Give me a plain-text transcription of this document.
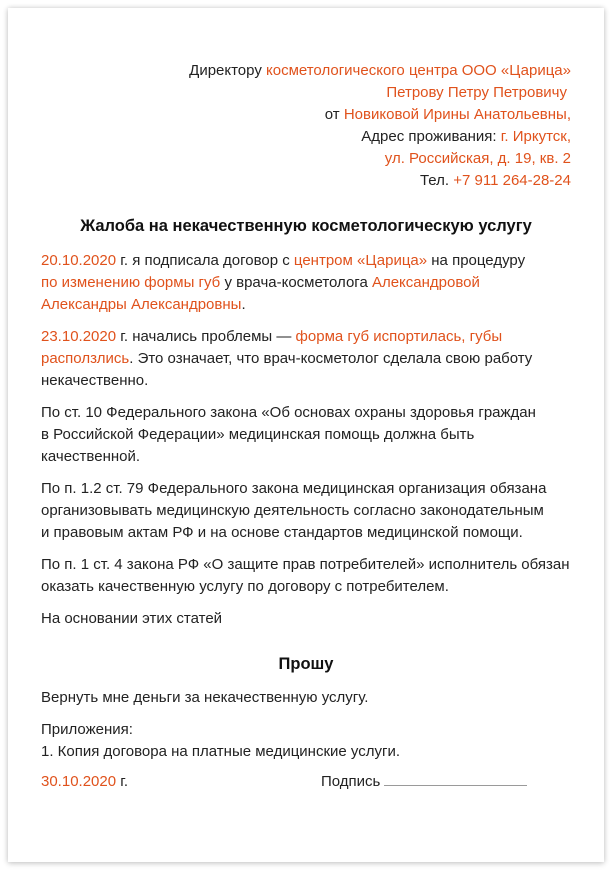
Директору косметологического центра ООО «Царица»
Петрову Петру Петровичу
от Новиковой Ирины Анатольевны,
Адрес проживания: г. Иркутск,
ул. Российская, д. 19, кв. 2
Тел. +7 911 264-28-24
Жалоба на некачественную косметологическую услугу
20.10.2020 г. я подписала договор с центром «Царица» на процедуру
по изменению формы губ у врача-косметолога Александровой
Александры Александровны.
23.10.2020 г. начались проблемы — форма губ испортилась, губы
расползлись. Это означает, что врач-косметолог сделала свою работу
некачественно.
По ст. 10 Федерального закона «Об основах охраны здоровья граждан
в Российской Федерации» медицинская помощь должна быть
качественной.
По п. 1.2 ст. 79 Федерального закона медицинская организация обязана
организовывать медицинскую деятельность согласно законодательным
и правовым актам РФ и на основе стандартов медицинской помощи.
По п. 1 ст. 4 закона РФ «О защите прав потребителей» исполнитель обязан
оказать качественную услугу по договору с потребителем.
На основании этих статей
Прошу
Вернуть мне деньги за некачественную услугу.
Приложения:
1. Копия договора на платные медицинские услуги.
30.10.2020 г.	Подпись
